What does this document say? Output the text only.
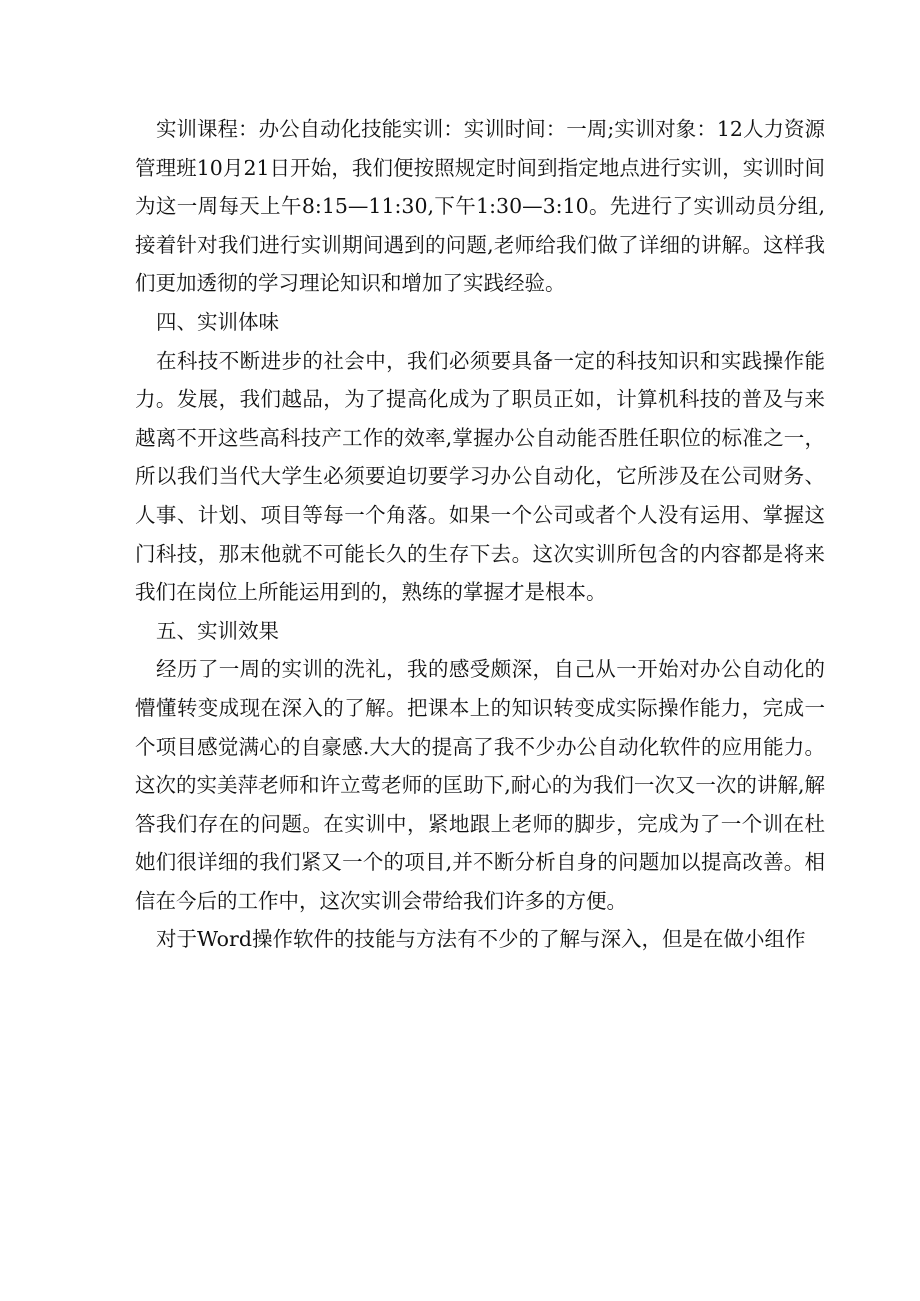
实训课程：办公自动化技能实训：实训时间：一周;实训对象：12人力资源管理班10月21日开始，我们便按照规定时间到指定地点进行实训，实训时间为这一周每天上午8:15—11:30,下午1:30—3:10。先进行了实训动员分组,接着针对我们进行实训期间遇到的问题,老师给我们做了详细的讲解。这样我们更加透彻的学习理论知识和增加了实践经验。

四、实训体味

在科技不断进步的社会中，我们必须要具备一定的科技知识和实践操作能力。发展，我们越品，为了提高化成为了职员正如，计算机科技的普及与来越离不开这些高科技产工作的效率,掌握办公自动能否胜任职位的标准之一，所以我们当代大学生必须要迫切要学习办公自动化，它所涉及在公司财务、人事、计划、项目等每一个角落。如果一个公司或者个人没有运用、掌握这门科技，那末他就不可能长久的生存下去。这次实训所包含的内容都是将来我们在岗位上所能运用到的，熟练的掌握才是根本。

五、实训效果

经历了一周的实训的洗礼，我的感受颇深，自己从一开始对办公自动化的懵懂转变成现在深入的了解。把课本上的知识转变成实际操作能力，完成一个项目感觉满心的自豪感.大大的提高了我不少办公自动化软件的应用能力。这次的实美萍老师和许立莺老师的匡助下,耐心的为我们一次又一次的讲解,解答我们存在的问题。在实训中，紧地跟上老师的脚步，完成为了一个训在杜她们很详细的我们紧又一个的项目,并不断分析自身的问题加以提高改善。相信在今后的工作中，这次实训会带给我们许多的方便。

对于Word操作软件的技能与方法有不少的了解与深入，但是在做小组作
